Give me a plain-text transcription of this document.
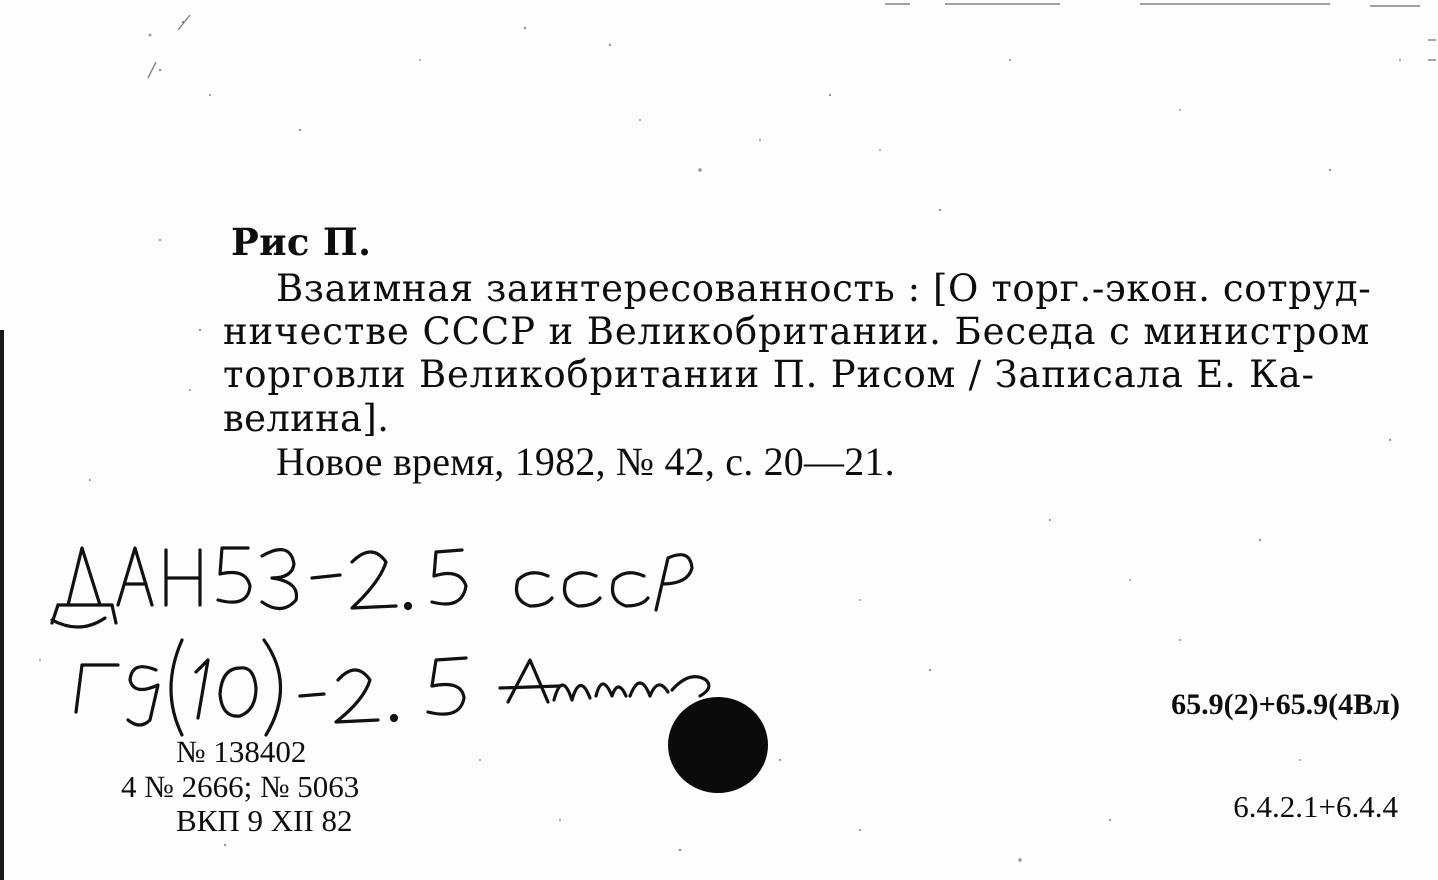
Рис П.
Взаимная заинтересованность : [О торг.-экон. сотруд-
ничестве СССР и Великобритании. Беседа с министром
торговли Великобритании П. Рисом / Записала Е. Ка-
велина].
Новое время, 1982, № 42, с. 20—21.
№ 138402
4 № 2666; № 5063
ВКП 9 XII 82
65.9(2)+65.9(4Вл)
6.4.2.1+6.4.4
